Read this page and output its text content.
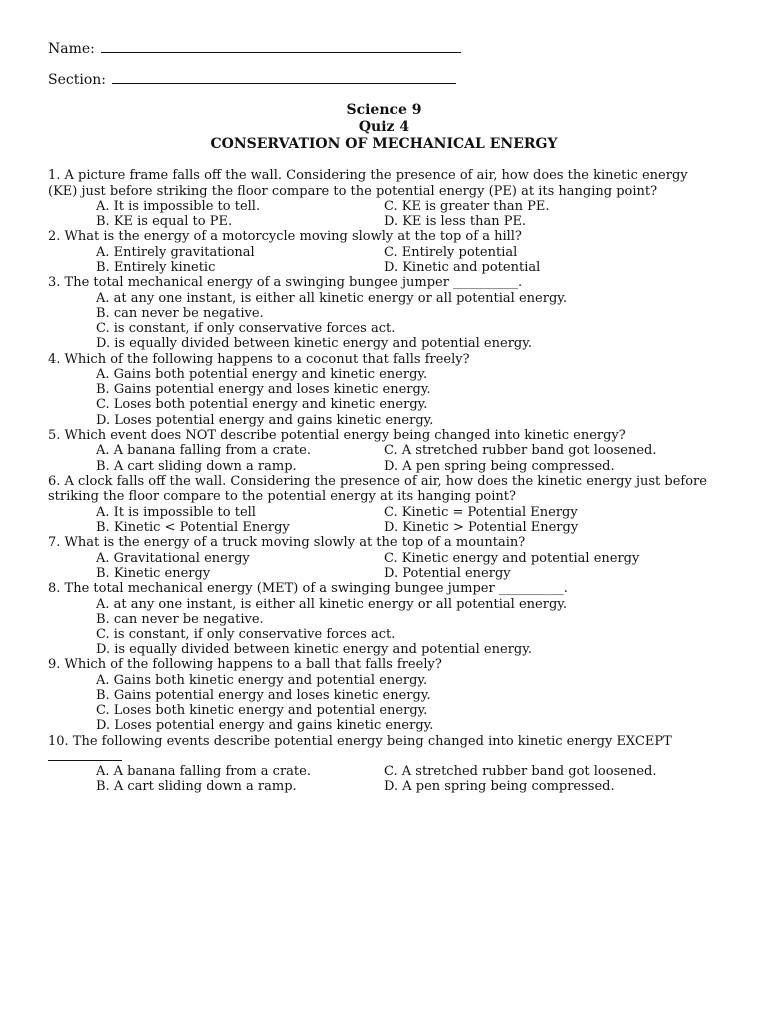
Name:
Section:
Science 9
Quiz 4
CONSERVATION OF MECHANICAL ENERGY
1. A picture frame falls off the wall. Considering the presence of air, how does the kinetic energy (KE) just before striking the floor compare to the potential energy (PE) at its hanging point?
A. It is impossible to tell.	C. KE is greater than PE.
B. KE is equal to PE.	D. KE is less than PE.
2. What is the energy of a motorcycle moving slowly at the top of a hill?
A. Entirely gravitational	C. Entirely potential
B. Entirely kinetic	D. Kinetic and potential
3. The total mechanical energy of a swinging bungee jumper __________.
A. at any one instant, is either all kinetic energy or all potential energy.
B. can never be negative.
C. is constant, if only conservative forces act.
D. is equally divided between kinetic energy and potential energy.
4. Which of the following happens to a coconut that falls freely?
A. Gains both potential energy and kinetic energy.
B. Gains potential energy and loses kinetic energy.
C. Loses both potential energy and kinetic energy.
D. Loses potential energy and gains kinetic energy.
5. Which event does NOT describe potential energy being changed into kinetic energy?
A. A banana falling from a crate.	C. A stretched rubber band got loosened.
B. A cart sliding down a ramp.	D. A pen spring being compressed.
6. A clock falls off the wall. Considering the presence of air, how does the kinetic energy just before striking the floor compare to the potential energy at its hanging point?
A. It is impossible to tell	C. Kinetic = Potential Energy
B. Kinetic < Potential Energy	D. Kinetic > Potential Energy
7. What is the energy of a truck moving slowly at the top of a mountain?
A. Gravitational energy	C. Kinetic energy and potential energy
B. Kinetic energy	D. Potential energy
8. The total mechanical energy (MET) of a swinging bungee jumper __________.
A. at any one instant, is either all kinetic energy or all potential energy.
B. can never be negative.
C. is constant, if only conservative forces act.
D. is equally divided between kinetic energy and potential energy.
9. Which of the following happens to a ball that falls freely?
A. Gains both kinetic energy and potential energy.
B. Gains potential energy and loses kinetic energy.
C. Loses both kinetic energy and potential energy.
D. Loses potential energy and gains kinetic energy.
10. The following events describe potential energy being changed into kinetic energy EXCEPT
A. A banana falling from a crate.	C. A stretched rubber band got loosened.
B. A cart sliding down a ramp.	D. A pen spring being compressed.
